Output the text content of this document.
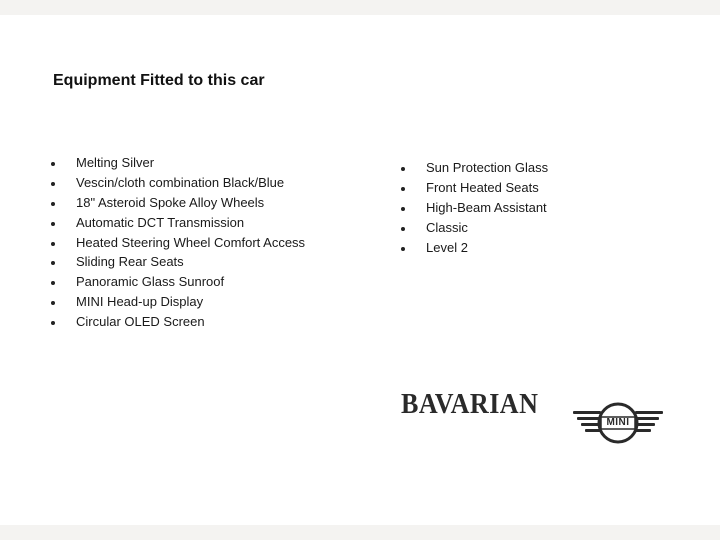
Equipment Fitted to this car
Melting Silver
Vescin/cloth combination Black/Blue
18" Asteroid Spoke Alloy Wheels
Automatic DCT Transmission
Heated Steering Wheel Comfort Access
Sliding Rear Seats
Panoramic Glass Sunroof
MINI Head-up Display
Circular OLED Screen
Sun Protection Glass
Front Heated Seats
High-Beam Assistant
Classic
Level 2
BAVARIAN
MINI
